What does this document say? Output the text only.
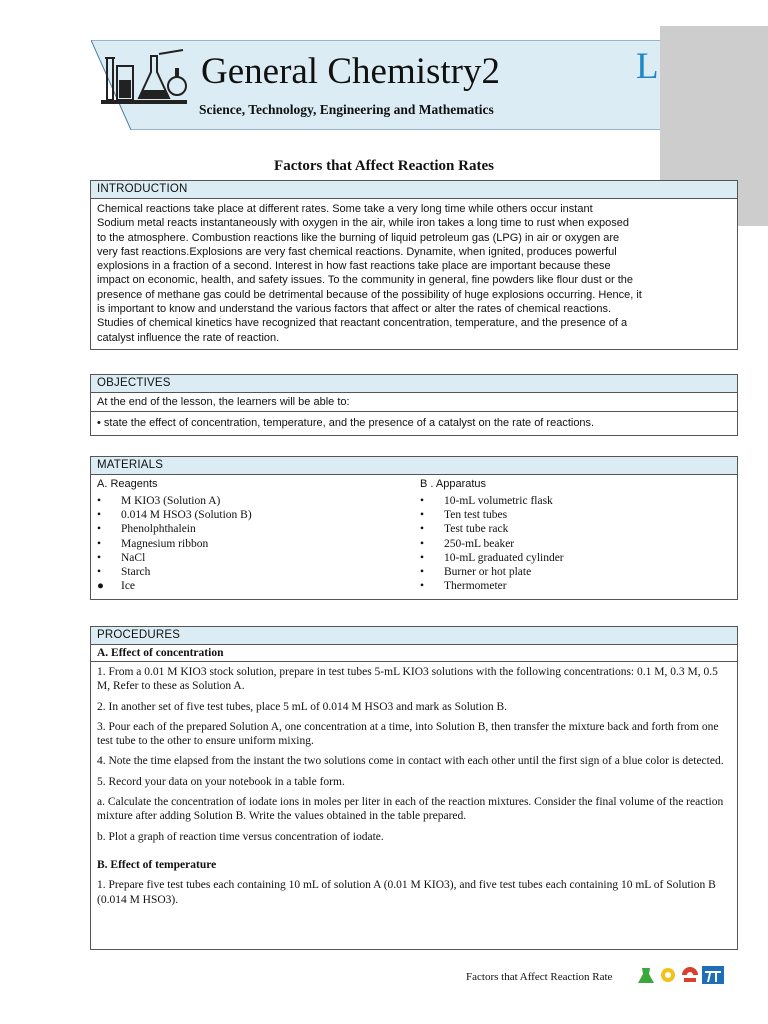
General Chemistry2
Science, Technology, Engineering and Mathematics
L
Factors that Affect Reaction Rates
INTRODUCTION
Chemical reactions take place at different rates. Some take a very long time while others occur instant
Sodium metal reacts instantaneously with oxygen in the air, while iron takes a long time to rust when exposed
to the atmosphere. Combustion reactions like the burning of liquid petroleum gas (LPG) in air or oxygen are
very fast reactions.Explosions are very fast chemical reactions. Dynamite, when ignited, produces powerful
explosions in a fraction of a second. Interest in how fast reactions take place are important because these
impact on economic, health, and safety issues. To the community in general, fine powders like flour dust or the
presence of methane gas could be detrimental because of the possibility of huge explosions occurring. Hence, it
is important to know and understand the various factors that affect or alter the rates of chemical reactions.
Studies of chemical kinetics have recognized that reactant concentration, temperature, and the presence of a
catalyst influence the rate of reaction.
OBJECTIVES
At the end of the lesson, the learners will be able to:
• state the effect of concentration, temperature, and the presence of a catalyst on the rate of reactions.
MATERIALS
A. Reagents
• M KIO3 (Solution A)
• 0.014 M HSO3 (Solution B)
• Phenolphthalein
• Magnesium ribbon
• NaCl
• Starch
● Ice
B . Apparatus
• 10-mL volumetric flask
• Ten test tubes
• Test tube rack
• 250-mL beaker
• 10-mL graduated cylinder
• Burner or hot plate
• Thermometer
PROCEDURES
A. Effect of concentration

1. From a 0.01 M KIO3 stock solution, prepare in test tubes 5-mL KIO3 solutions with the following concentrations: 0.1 M, 0.3 M, 0.5 M, Refer to these as Solution A.

2. In another set of five test tubes, place 5 mL of 0.014 M HSO3 and mark as Solution B.

3. Pour each of the prepared Solution A, one concentration at a time, into Solution B, then transfer the mixture back and forth from one test tube to the other to ensure uniform mixing.

4. Note the time elapsed from the instant the two solutions come in contact with each other until the first sign of a blue color is detected.

5. Record your data on your notebook in a table form.

a. Calculate the concentration of iodate ions in moles per liter in each of the reaction mixtures. Consider the final volume of the reaction mixture after adding Solution B. Write the values obtained in the table prepared.

b. Plot a graph of reaction time versus concentration of iodate.

B. Effect of temperature

1. Prepare five test tubes each containing 10 mL of solution A (0.01 M KIO3), and five test tubes each containing 10 mL of Solution B (0.014 M HSO3).

Factors that Affect Reaction Rate
